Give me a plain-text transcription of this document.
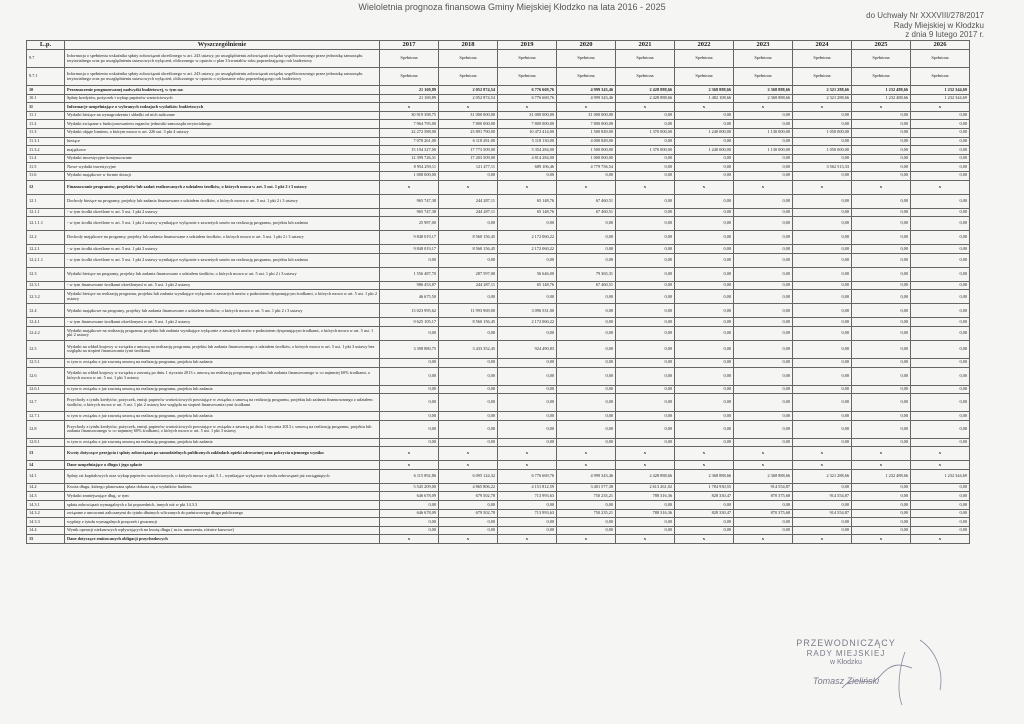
Wieloletnia prognoza finansowa Gminy Miejskiej Kłodzko na lata 2016 - 2025
do Uchwały Nr XXXVIII/278/2017
Rady Miejskiej w Kłodzku
z dnia 9 lutego 2017 r.
L.p.	Wyszczególnienie	2017	2018	2019	2020	2021	2022	2023	2024	2025	2026
9.7	Informacja o spełnieniu wskaźnika spłaty zobowiązań określonego w art. 243 ustawy, po uwzględnieniu zobowiązań związku współtworzonego przez jednostkę samorządu terytorialnego oraz po uwzględnieniu ustawowych wyłączeń, obliczonego w oparciu o plan 3 kwartałów roku poprzedzającego rok budżetowy	Spełniona	Spełniona	Spełniona	Spełniona	Spełniona	Spełniona	Spełniona	Spełniona	Spełniona	Spełniona
9.7.1	Informacja o spełnieniu wskaźnika spłaty zobowiązań określonego w art. 243 ustawy, po uwzględnieniu zobowiązań związku współtworzonego przez jednostkę samorządu terytorialnego oraz po uwzględnieniu ustawowych wyłączeń, obliczonego w oparciu o wykonanie roku poprzedzającego rok budżetowy	Spełniona	Spełniona	Spełniona	Spełniona	Spełniona	Spełniona	Spełniona	Spełniona	Spełniona	Spełniona
10	Przeznaczenie prognozowanej nadwyżki budżetowej, w tym na:	21 169,89	2 052 874,54	6 776 669,76	4 999 343,46	2 428 888,66	2 368 888,66	2 368 888,66	2 321 288,66	1 232 488,66	1 232 344,69
10.1	Spłaty kredytów, pożyczek i wykup papierów wartościowych	21 169,89	2 052 874,54	6 776 669,76	4 999 343,46	2 428 888,66	1 482 108,66	2 368 888,66	2 321 288,66	1 232 488,66	1 232 344,69
11	Informacje uzupełniające o wybranych rodzajach wydatków budżetowych	x	x	x	x	x	x	x	x	x	x
11.1	Wydatki bieżące na wynagrodzenia i składki od nich naliczane	30 919 398,75	31 000 000,00	31 000 000,00	31 000 000,00	0,00	0,00	0,00	0,00	0,00	0,00
11.2	Wydatki związane z funkcjonowaniem organów jednostki samorządu terytorialnego	7 964 795,00	7 800 000,00	7 800 000,00	7 800 000,00	0,00	0,00	0,00	0,00	0,00	0,00
11.3	Wydatki objęte limitem, o którym mowa w art. 226 ust. 3 pkt 4 ustawy	22 272 588,00	23 891 790,00	10 472 414,00	1 500 849,00	1 370 000,00	1 240 000,00	1 130 000,00	1 050 000,00	0,00	0,00
11.3.1	bieżące	7 078 261,00	6 118 281,00	5 118 130,00	4 000 849,00	0,00	0,00	0,00	0,00	0,00	0,00
11.3.2	majątkowe	15 194 327,00	17 773 509,00	5 354 284,00	1 500 000,00	1 370 000,00	1 240 000,00	1 130 000,00	1 050 000,00	0,00	0,00
11.4	Wydatki inwestycyjne kontynuowane	12 399 726,31	17 203 509,00	4 814 284,00	1 000 000,00	0,00	0,00	0,00	0,00	0,00	0,00
11.5	Nowe wydatki inwestycyjne	8 954 259,11	121 477,11	689 106,46	4 779 756,54	0,00	0,00	0,00	3 562 513,33	0,00	0,00
11.6	Wydatki majątkowe w formie dotacji	1 008 000,00	0,00	0,00	0,00	0,00	0,00	0,00	0,00	0,00	0,00
12	Finansowanie programów, projektów lub zadań realizowanych z udziałem środków, o których mowa w art. 5 ust. 1 pkt 2 i 3 ustawy	x	x	x	x	x	x	x	x	x	x
12.1	Dochody bieżące na programy, projekty lub zadania finansowane z udziałem środków, o których mowa w art. 5 ust. 1 pkt 2 i 3 ustawy	965 747,38	244 287,11	65 148,76	67 460,51	0,00	0,00	0,00	0,00	0,00	0,00
12.1.1	- w tym środki określone w art. 5 ust. 1 pkt 2 ustawy	965 747,38	244 287,11	65 148,76	67 460,51	0,00	0,00	0,00	0,00	0,00	0,00
12.1.1.1	- w tym środki określone w art. 5 ust. 1 pkt 2 ustawy wynikające wyłącznie z zawartych umów na realizację programu, projektu lub zadania	25 987,00	0,00	0,00	0,00	0,00	0,00	0,00	0,00	0,00	0,00
12.2	Dochody majątkowe na programy, projekty lub zadania finansowane z udziałem środków, o których mowa w art. 5 ust. 1 pkt 2 i 3 ustawy	9 848 019,17	8 560 156,45	2 172 060,22	0,00	0,00	0,00	0,00	0,00	0,00	0,00
12.2.1	- w tym środki określone w art. 5 ust. 1 pkt 2 ustawy	9 848 019,17	8 560 156,45	2 172 060,22	0,00	0,00	0,00	0,00	0,00	0,00	0,00
12.2.1.1	- w tym środki określone w art. 5 ust. 1 pkt 2 ustawy wynikające wyłącznie z zawartych umów na realizację programu, projektu lub zadania	0,00	0,00	0,00	0,00	0,00	0,00	0,00	0,00	0,00	0,00
12.3	Wydatki bieżące na programy, projekty lub zadania finansowane z udziałem środków, o których mowa w art. 5 ust. 1 pkt 2 i 3 ustawy	1 556 487,70	287 597,00	56 646,00	79 365,31	0,00	0,00	0,00	0,00	0,00	0,00
12.3.1	- w tym finansowane środkami określonymi w art. 5 ust. 1 pkt 2 ustawy	986 453,87	244 287,11	65 148,76	67 460,51	0,00	0,00	0,00	0,00	0,00	0,00
12.3.2	Wydatki bieżące na realizację programu, projektu lub zadania wynikające wyłącznie z zawartych umów z podmiotem dysponującym środkami, o których mowa w art. 5 ust. 1 pkt 2 ustawy	46 675,50	0,00	0,00	0,00	0,00	0,00	0,00	0,00	0,00	0,00
12.4	Wydatki majątkowe na programy, projekty lub zadania finansowane z udziałem środków, o których mowa w art. 5 ust. 1 pkt 2 i 3 ustawy	13 023 995,62	11 993 969,00	3 096 531,00	0,00	0,00	0,00	0,00	0,00	0,00	0,00
12.4.1	- w tym finansowane środkami określonymi w art. 5 ust. 1 pkt 2 ustawy	9 625 105,17	8 560 156,45	2 172 060,22	0,00	0,00	0,00	0,00	0,00	0,00	0,00
12.4.2	Wydatki majątkowe na realizację programu, projektu lub zadania wynikające wyłącznie z zawartych umów z podmiotem dysponującym środkami, o których mowa w art. 5 ust. 1 pkt 2 ustawy	0,00	0,00	0,00	0,00	0,00	0,00	0,00	0,00	0,00	0,00
12.5	Wydatki na wkład krajowy w związku z umową na realizację programu, projektu lub zadania finansowanego z udziałem środków, o których mowa w art. 5 ust. 1 pkt 3 ustawy bez względu na stopień finansowania tymi środkami	3 398 880,75	3 433 352,45	924 490,83	0,00	0,00	0,00	0,00	0,00	0,00	0,00
12.5.1	w tym w związku z już zawartą umową na realizację programu, projektu lub zadania	0,00	0,00	0,00	0,00	0,00	0,00	0,00	0,00	0,00	0,00
12.6	Wydatki na wkład krajowy w związku z zawartą po dniu 1 stycznia 2013 r. umową na realizację programu, projektu lub zadania finansowanego w co najmniej 60% środkami, o których mowa w art. 5 ust. 1 pkt 3 ustawy	0,00	0,00	0,00	0,00	0,00	0,00	0,00	0,00	0,00	0,00
12.6.1	w tym w związku z już zawartą umową na realizację programu, projektu lub zadania	0,00	0,00	0,00	0,00	0,00	0,00	0,00	0,00	0,00	0,00
12.7	Przychody z tytułu kredytów, pożyczek, emisji papierów wartościowych powstające w związku z umową na realizację programu, projektu lub zadania finansowanego z udziałem środków, o których mowa w art. 5 ust. 1 pkt 2 ustawy bez względu na stopień finansowania tymi środkami	0,00	0,00	0,00	0,00	0,00	0,00	0,00	0,00	0,00	0,00
12.7.1	w tym w związku z już zawartą umową na realizację programu, projektu lub zadania	0,00	0,00	0,00	0,00	0,00	0,00	0,00	0,00	0,00	0,00
12.8	Przychody z tytułu kredytów, pożyczek, emisji papierów wartościowych powstające w związku z zawartą po dniu 1 stycznia 2013 r. umową na realizację programu, projektu lub zadania finansowanego w co najmniej 60% środkami, o których mowa w art. 5 ust. 1 pkt 3 ustawy	0,00	0,00	0,00	0,00	0,00	0,00	0,00	0,00	0,00	0,00
12.8.1	w tym w związku z już zawartą umową na realizację programu, projektu lub zadania	0,00	0,00	0,00	0,00	0,00	0,00	0,00	0,00	0,00	0,00
13	Kwoty dotyczące przejęcia i spłaty zobowiązań po samodzielnych publicznych zakładach opieki zdrowotnej oraz pokrycia ujemnego wyniku	x	x	x	x	x	x	x	x	x	x
14	Dane uzupełniające o długu i jego spłacie	x	x	x	x	x	x	x	x	x	x
14.1	Spłaty rat kapitałowych oraz wykup papierów wartościowych, o których mowa w pkt. 5.1., wynikające wyłącznie z tytułu zobowiązań już zaciągniętych	6 115 892,86	6 095 124,32	6 776 669,76	4 999 343,46	2 428 888,66	2 368 888,66	2 368 888,66	2 321 288,66	1 232 488,66	1 232 344,69
14.2	Kwota długu, którego planowana spłata dokona się z wydatków budżetu	5 545 209,00	4 865 806,22	4 151 812,59	3 401 577,38	2 613 261,02	1 784 930,55	914 554,87	0,00	0,00	0,00
14.3	Wydatki zmniejszające dług, w tym:	646 678,09	679 502,78	713 993,63	750 235,21	788 316,36	828 330,47	870 375,68	914 554,87	0,00	0,00
14.3.1	spłata zobowiązań wymagalnych z lat poprzednich, innych niż w pkt 14.3.3	0,00	0,00	0,00	0,00	0,00	0,00	0,00	0,00	0,00	0,00
14.3.2	związane z umowami zaliczanymi do tytułu dłużnych wliczanych do państwowego długu publicznego	646 678,09	679 502,78	713 993,63	750 235,21	788 316,36	828 330,47	870 375,68	914 554,87	0,00	0,00
14.3.3	wypłaty z tytułu wymagalnych poręczeń i gwarancji	0,00	0,00	0,00	0,00	0,00	0,00	0,00	0,00	0,00	0,00
14.4	Wynik operacji niekasowych wpływających na kwotę długu ( m.in. umorzenia, różnice kursowe)	0,00	0,00	0,00	0,00	0,00	0,00	0,00	0,00	0,00	0,00
15	Dane dotyczące emitowanych obligacji przychodowych	x	x	x	x	x	x	x	x	x	x
PRZEWODNICZĄCY
RADY MIEJSKIEJ
w Kłodzku
Tomasz Zieliński
